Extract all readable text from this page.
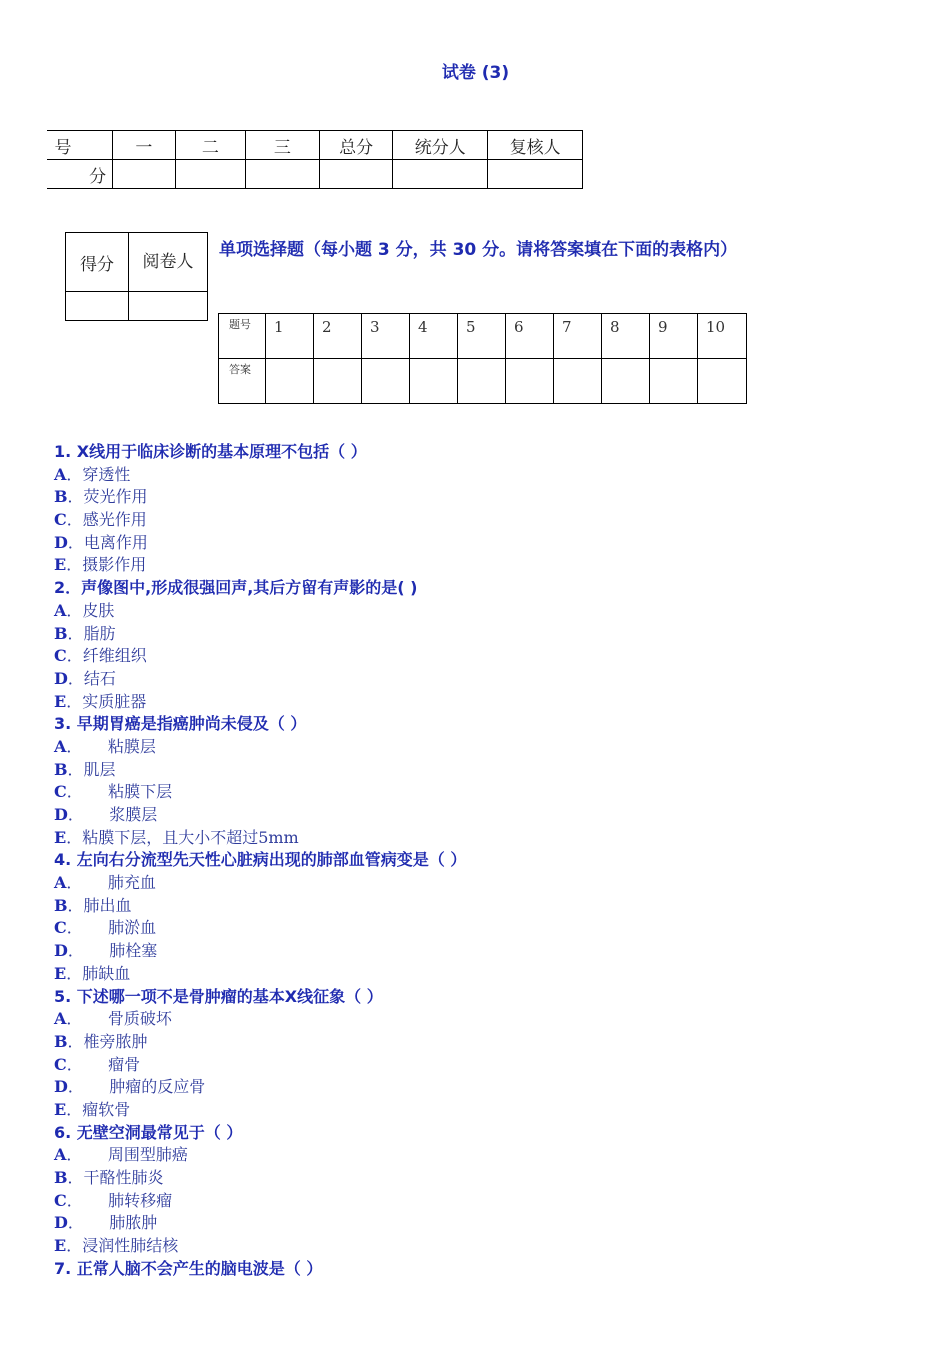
试卷 (3)
号	一	二	三	总分	统分人	复核人
分						
得分	阅卷人

单项选择题（每小题 3 分，共 30 分。请将答案填在下面的表格内）
题号	1	2	3	4	5	6	7	8	9	10
答案										
1. X线用于临床诊断的基本原理不包括（ ）
A．穿透性
B．荧光作用
C．感光作用
D．电离作用
E．摄影作用
2．声像图中,形成很强回声,其后方留有声影的是( )
A．皮肤
B．脂肪
C．纤维组织
D．结石
E．实质脏器
3. 早期胃癌是指癌肿尚未侵及（ ）
A．     粘膜层
B．肌层
C．     粘膜下层
D．     浆膜层
E．粘膜下层，且大小不超过5mm
4. 左向右分流型先天性心脏病出现的肺部血管病变是（ ）
A．     肺充血
B．肺出血
C．     肺淤血
D．     肺栓塞
E．肺缺血
5. 下述哪一项不是骨肿瘤的基本X线征象（ ）
A．     骨质破坏
B．椎旁脓肿
C．     瘤骨
D．     肿瘤的反应骨
E．瘤软骨
6. 无壁空洞最常见于（ ）
A．     周围型肺癌
B．干酪性肺炎
C．     肺转移瘤
D．     肺脓肿
E．浸润性肺结核
7. 正常人脑不会产生的脑电波是（ ）
